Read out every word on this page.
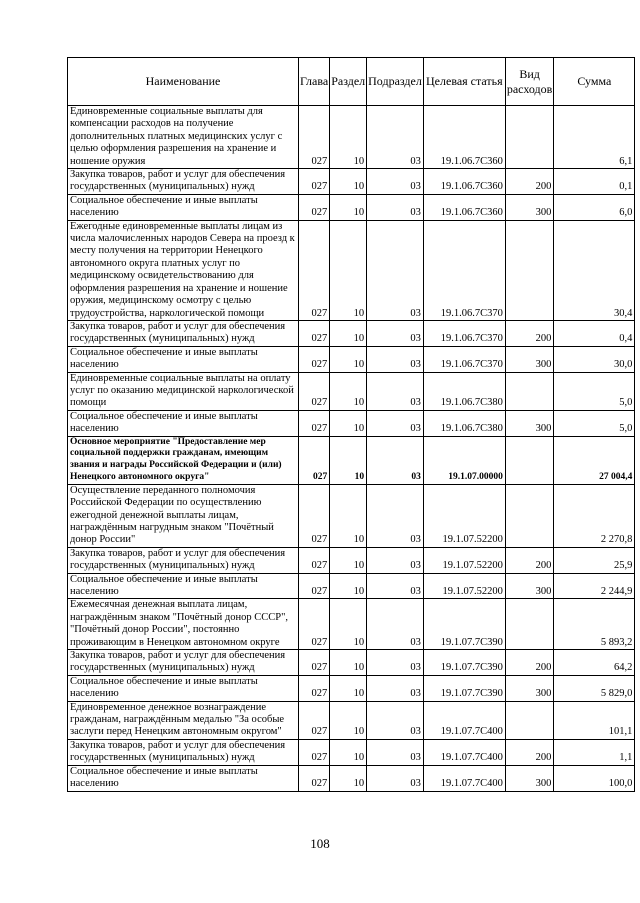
Наименование	Глава	Раздел	Подраздел	Целевая статья	Вид расходов	Сумма
Единовременные социальные выплаты для компенсации расходов на получение дополнительных платных медицинских услуг с целью оформления разрешения на хранение и ношение оружия	027	10	03	19.1.06.7С360		6,1
Закупка товаров, работ и услуг для обеспечения государственных (муниципальных) нужд	027	10	03	19.1.06.7С360	200	0,1
Социальное обеспечение и иные выплаты населению	027	10	03	19.1.06.7С360	300	6,0
Ежегодные единовременные выплаты лицам из числа малочисленных народов Севера на проезд к месту получения на территории Ненецкого автономного округа платных услуг по медицинскому освидетельствованию для оформления разрешения на хранение и ношение оружия, медицинскому осмотру с целью трудоустройства, наркологической помощи	027	10	03	19.1.06.7С370		30,4
Закупка товаров, работ и услуг для обеспечения государственных (муниципальных) нужд	027	10	03	19.1.06.7С370	200	0,4
Социальное обеспечение и иные выплаты населению	027	10	03	19.1.06.7С370	300	30,0
Единовременные социальные выплаты на оплату услуг по оказанию медицинской наркологической помощи	027	10	03	19.1.06.7С380		5,0
Социальное обеспечение и иные выплаты населению	027	10	03	19.1.06.7С380	300	5,0
Основное мероприятие "Предоставление мер социальной поддержки гражданам, имеющим звания и награды Российской Федерации и (или) Ненецкого автономного округа"	027	10	03	19.1.07.00000		27 004,4
Осуществление переданного полномочия Российской Федерации по осуществлению ежегодной денежной выплаты лицам, награждённым нагрудным знаком "Почётный донор России"	027	10	03	19.1.07.52200		2 270,8
Закупка товаров, работ и услуг для обеспечения государственных (муниципальных) нужд	027	10	03	19.1.07.52200	200	25,9
Социальное обеспечение и иные выплаты населению	027	10	03	19.1.07.52200	300	2 244,9
Ежемесячная денежная выплата лицам, награждённым знаком "Почётный донор СССР", "Почётный донор России", постоянно проживающим в Ненецком автономном округе	027	10	03	19.1.07.7С390		5 893,2
Закупка товаров, работ и услуг для обеспечения государственных (муниципальных) нужд	027	10	03	19.1.07.7С390	200	64,2
Социальное обеспечение и иные выплаты населению	027	10	03	19.1.07.7С390	300	5 829,0
Единовременное денежное вознаграждение гражданам, награждённым медалью "За особые заслуги перед Ненецким автономным округом"	027	10	03	19.1.07.7С400		101,1
Закупка товаров, работ и услуг для обеспечения государственных (муниципальных) нужд	027	10	03	19.1.07.7С400	200	1,1
Социальное обеспечение и иные выплаты населению	027	10	03	19.1.07.7С400	300	100,0
108
